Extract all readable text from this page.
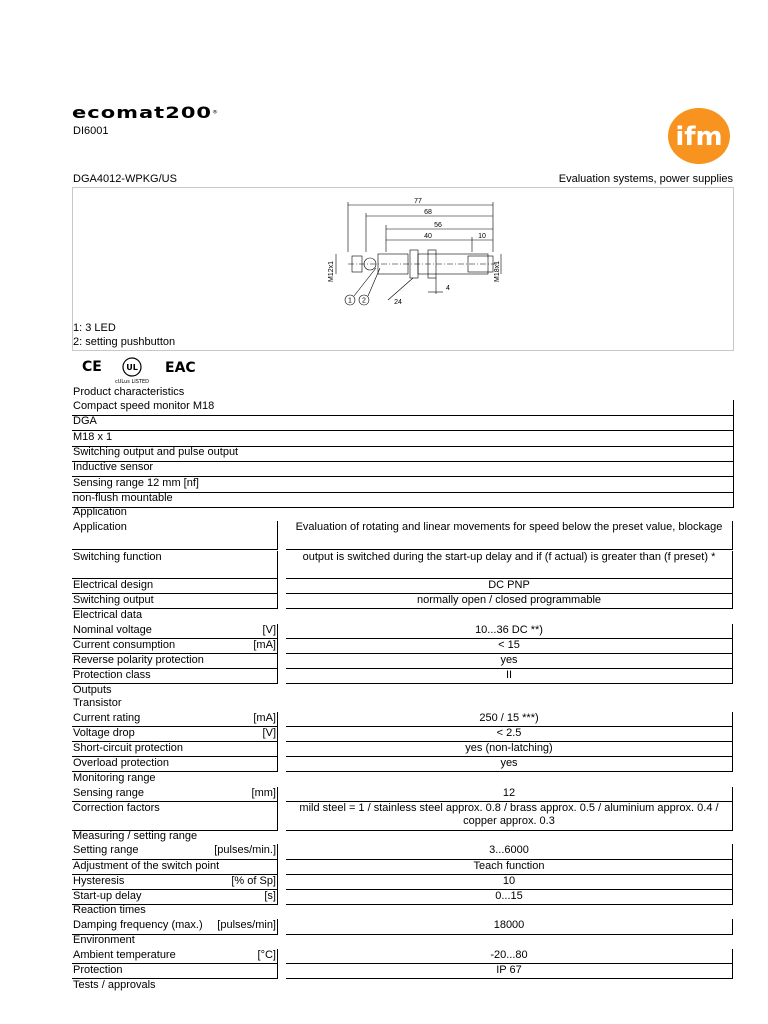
ecomat200®
DI6001	ifm
DGA4012-WPKG/US	Evaluation systems, power supplies
77
68
56
40	10
4
24
1 2
M12x1	M18x1
1: 3 LED
2: setting pushbutton
CE	UL
cULus LISTED
EAC
Product characteristics
Compact speed monitor M18
DGA
M18 x 1
Switching output and pulse output
Inductive sensor
Sensing range 12 mm [nf]
non-flush mountable
Application
Application	Evaluation of rotating and linear movements for speed below the preset value, blockage
Switching function	output is switched during the start-up delay and if (f actual) is greater than (f preset) *
Electrical design	DC PNP
Switching output	normally open / closed programmable
Electrical data
Nominal voltage	[V]	10...36 DC **)
Current consumption	[mA]	< 15
Reverse polarity protection	yes
Protection class	II
Outputs
Transistor
Current rating	[mA]	250 / 15 ***)
Voltage drop	[V]	< 2.5
Short-circuit protection	yes (non-latching)
Overload protection	yes
Monitoring range
Sensing range	[mm]	12
Correction factors	mild steel = 1 / stainless steel approx. 0.8 / brass approx. 0.5 / aluminium approx. 0.4 / copper approx. 0.3
Measuring / setting range
Setting range	[pulses/min.]	3...6000
Adjustment of the switch point	Teach function
Hysteresis	[% of Sp]	10
Start-up delay	[s]	0...15
Reaction times
Damping frequency (max.) [pulses/min]	18000
Environment
Ambient temperature	[°C]	-20...80
Protection	IP 67
Tests / approvals
